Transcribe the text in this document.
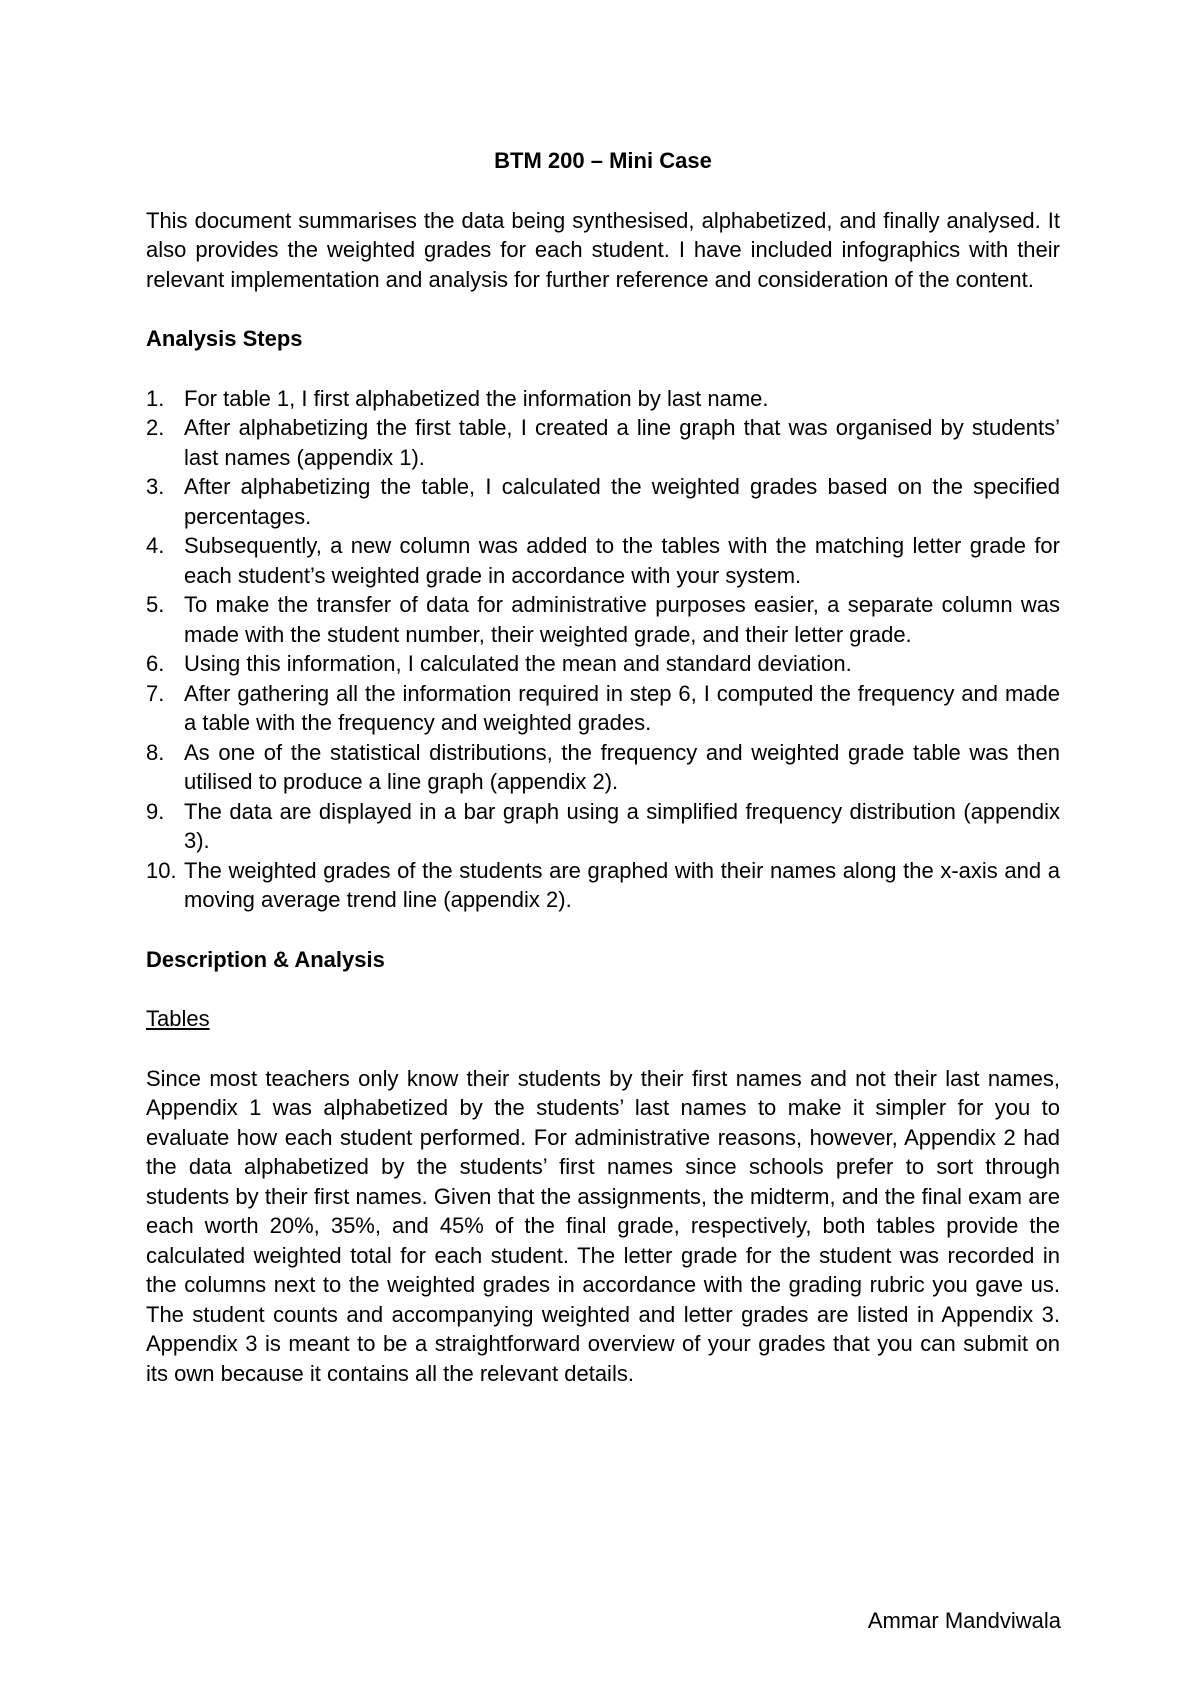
BTM 200 – Mini Case

This document summarises the data being synthesised, alphabetized, and finally analysed. It also provides the weighted grades for each student. I have included infographics with their relevant implementation and analysis for further reference and consideration of the content.

Analysis Steps
1. For table 1, I first alphabetized the information by last name.
2. After alphabetizing the first table, I created a line graph that was organised by students’ last names (appendix 1).
3. After alphabetizing the table, I calculated the weighted grades based on the specified percentages.
4. Subsequently, a new column was added to the tables with the matching letter grade for each student’s weighted grade in accordance with your system.
5. To make the transfer of data for administrative purposes easier, a separate column was made with the student number, their weighted grade, and their letter grade.
6. Using this information, I calculated the mean and standard deviation.
7. After gathering all the information required in step 6, I computed the frequency and made a table with the frequency and weighted grades.
8. As one of the statistical distributions, the frequency and weighted grade table was then utilised to produce a line graph (appendix 2).
9. The data are displayed in a bar graph using a simplified frequency distribution (appendix 3).
10. The weighted grades of the students are graphed with their names along the x-axis and a moving average trend line (appendix 2).
Description & Analysis
Tables

Since most teachers only know their students by their first names and not their last names, Appendix 1 was alphabetized by the students’ last names to make it simpler for you to evaluate how each student performed. For administrative reasons, however, Appendix 2 had the data alphabetized by the students’ first names since schools prefer to sort through students by their first names. Given that the assignments, the midterm, and the final exam are each worth 20%, 35%, and 45% of the final grade, respectively, both tables provide the calculated weighted total for each student. The letter grade for the student was recorded in the columns next to the weighted grades in accordance with the grading rubric you gave us. The student counts and accompanying weighted and letter grades are listed in Appendix 3. Appendix 3 is meant to be a straightforward overview of your grades that you can submit on its own because it contains all the relevant details.

Ammar Mandviwala
